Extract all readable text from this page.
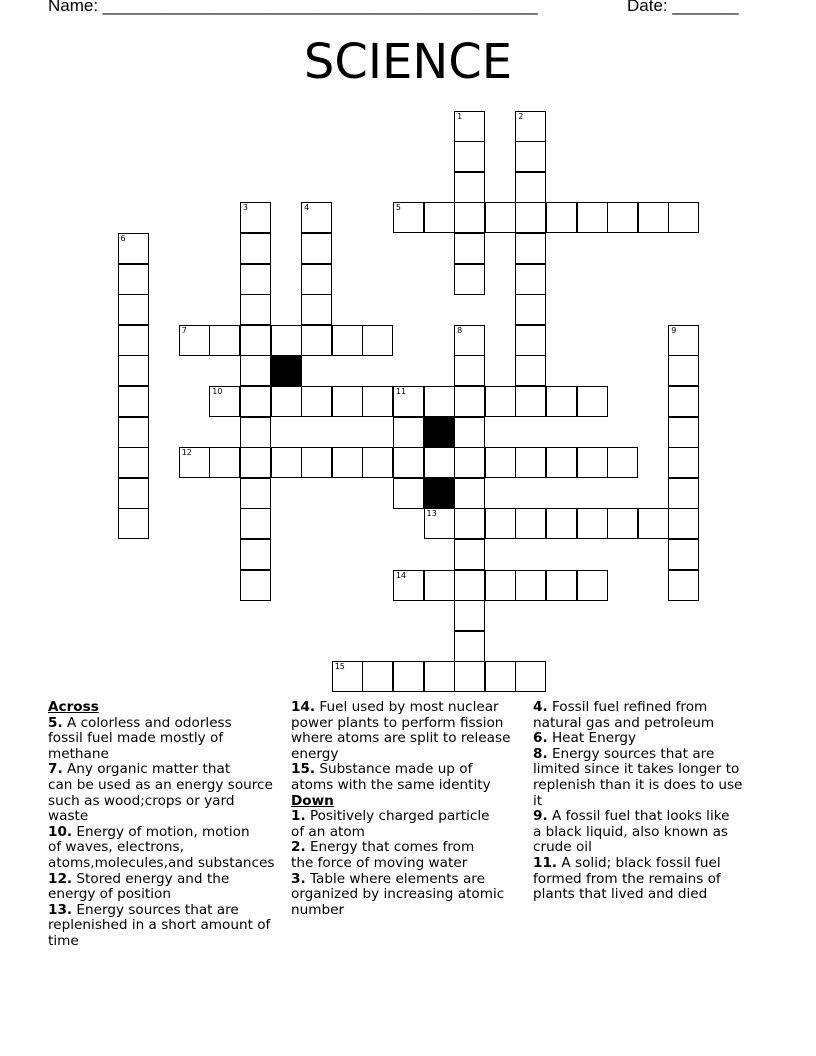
Name: ______________________________________________	Date: _______
SCIENCE
1	2
3	4	5
6
7	8	9
10	11
12
13
14
15

Across

5. A colorless and odorless
fossil fuel made mostly of
methane

7. Any organic matter that
can be used as an energy source
such as wood;crops or yard
waste

10. Energy of motion, motion
of waves, electrons,
atoms,molecules,and substances

12. Stored energy and the
energy of position

13. Energy sources that are
replenished in a short amount of
time

14. Fuel used by most nuclear
power plants to perform fission
where atoms are split to release
energy

15. Substance made up of
atoms with the same identity

Down

1. Positively charged particle
of an atom

2. Energy that comes from
the force of moving water

3. Table where elements are
organized by increasing atomic
number

4. Fossil fuel refined from
natural gas and petroleum

6. Heat Energy

8. Energy sources that are
limited since it takes longer to
replenish than it is does to use
it

9. A fossil fuel that looks like
a black liquid, also known as
crude oil

11. A solid; black fossil fuel
formed from the remains of
plants that lived and died
